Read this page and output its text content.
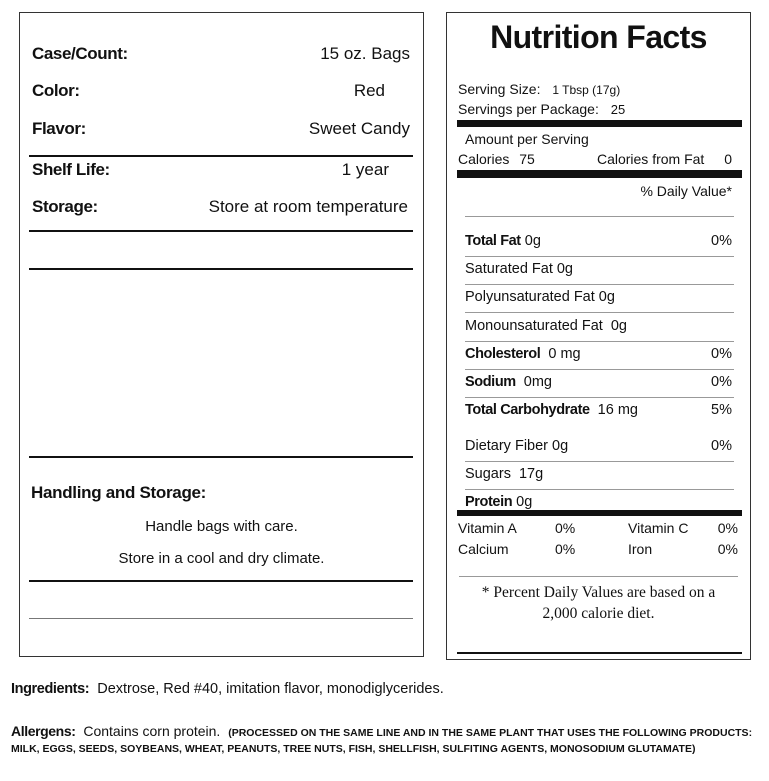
Case/Count:	15 oz. Bags
Color:	Red
Flavor:	Sweet Candy
Shelf Life:	1 year
Storage:	Store at room temperature
Handling and Storage:
Handle bags with care.
Store in a cool and dry climate.
Nutrition Facts
Serving Size: 1 Tbsp (17g)
Servings per Package: 25
Amount per Serving
Calories 75	Calories from Fat 0
% Daily Value*
Total Fat 0g	0%
Saturated Fat 0g
Polyunsaturated Fat 0g
Monounsaturated Fat 0g
Cholesterol 0 mg	0%
Sodium 0mg	0%
Total Carbohydrate 16 mg	5%
Dietary Fiber 0g	0%
Sugars 17g
Protein 0g
Vitamin A	0%	Vitamin C 0%
Calcium	0%	Iron	0%
* Percent Daily Values are based on a
2,000 calorie diet.
Ingredients: Dextrose, Red #40, imitation flavor, monodiglycerides.
Allergens: Contains corn protein. (PROCESSED ON THE SAME LINE AND IN THE SAME PLANT THAT USES THE FOLLOWING PRODUCTS: MILK, EGGS, SEEDS, SOYBEANS, WHEAT, PEANUTS, TREE NUTS, FISH, SHELLFISH, SULFITING AGENTS, MONOSODIUM GLUTAMATE)
